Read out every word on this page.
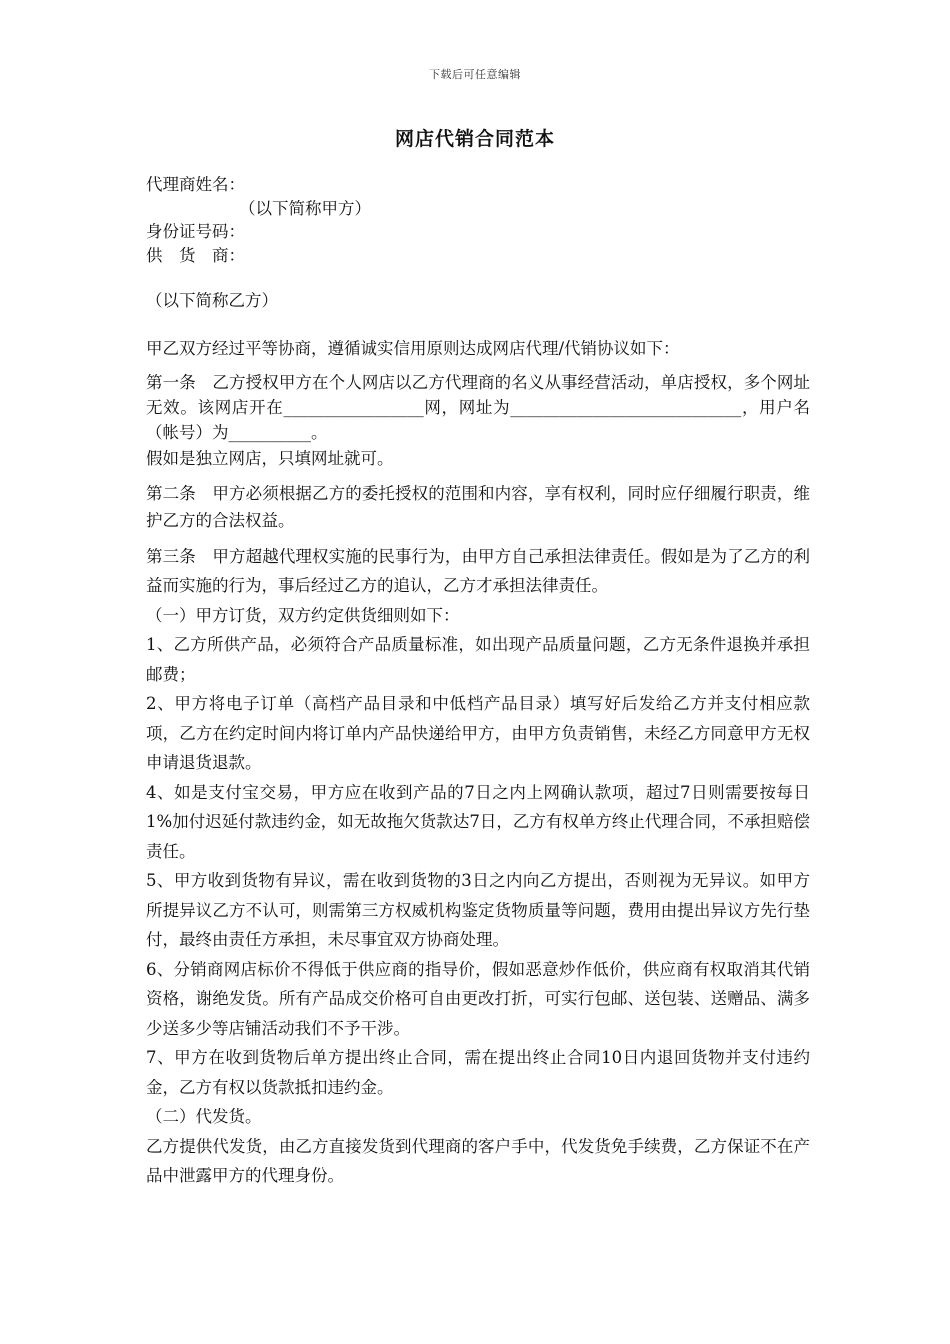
下载后可任意编辑
网店代销合同范本
代理商姓名：
（以下简称甲方）
身份证号码：
供　货　商：
（以下简称乙方）

甲乙双方经过平等协商，遵循诚实信用原则达成网店代理/代销协议如下：

第一条　乙方授权甲方在个人网店以乙方代理商的名义从事经营活动，单店授权，多个网址无效。该网店开在_________________网，网址为____________________________，用户名（帐号）为__________。

假如是独立网店，只填网址就可。

第二条　甲方必须根据乙方的委托授权的范围和内容，享有权利，同时应仔细履行职责，维护乙方的合法权益。

第三条　甲方超越代理权实施的民事行为，由甲方自己承担法律责任。假如是为了乙方的利益而实施的行为，事后经过乙方的追认，乙方才承担法律责任。

（一）甲方订货，双方约定供货细则如下：

1、乙方所供产品，必须符合产品质量标准，如出现产品质量问题，乙方无条件退换并承担邮费；

2、甲方将电子订单（高档产品目录和中低档产品目录）填写好后发给乙方并支付相应款项，乙方在约定时间内将订单内产品快递给甲方，由甲方负责销售，未经乙方同意甲方无权申请退货退款。

4、如是支付宝交易，甲方应在收到产品的7日之内上网确认款项，超过7日则需要按每日1%加付迟延付款违约金，如无故拖欠货款达7日，乙方有权单方终止代理合同，不承担赔偿责任。

5、甲方收到货物有异议，需在收到货物的3日之内向乙方提出，否则视为无异议。如甲方所提异议乙方不认可，则需第三方权威机构鉴定货物质量等问题，费用由提出异议方先行垫付，最终由责任方承担，未尽事宜双方协商处理。

6、分销商网店标价不得低于供应商的指导价，假如恶意炒作低价，供应商有权取消其代销资格，谢绝发货。所有产品成交价格可自由更改打折，可实行包邮、送包装、送赠品、满多少送多少等店铺活动我们不予干涉。

7、甲方在收到货物后单方提出终止合同，需在提出终止合同10日内退回货物并支付违约金，乙方有权以货款抵扣违约金。

（二）代发货。

乙方提供代发货，由乙方直接发货到代理商的客户手中，代发货免手续费，乙方保证不在产品中泄露甲方的代理身份。
